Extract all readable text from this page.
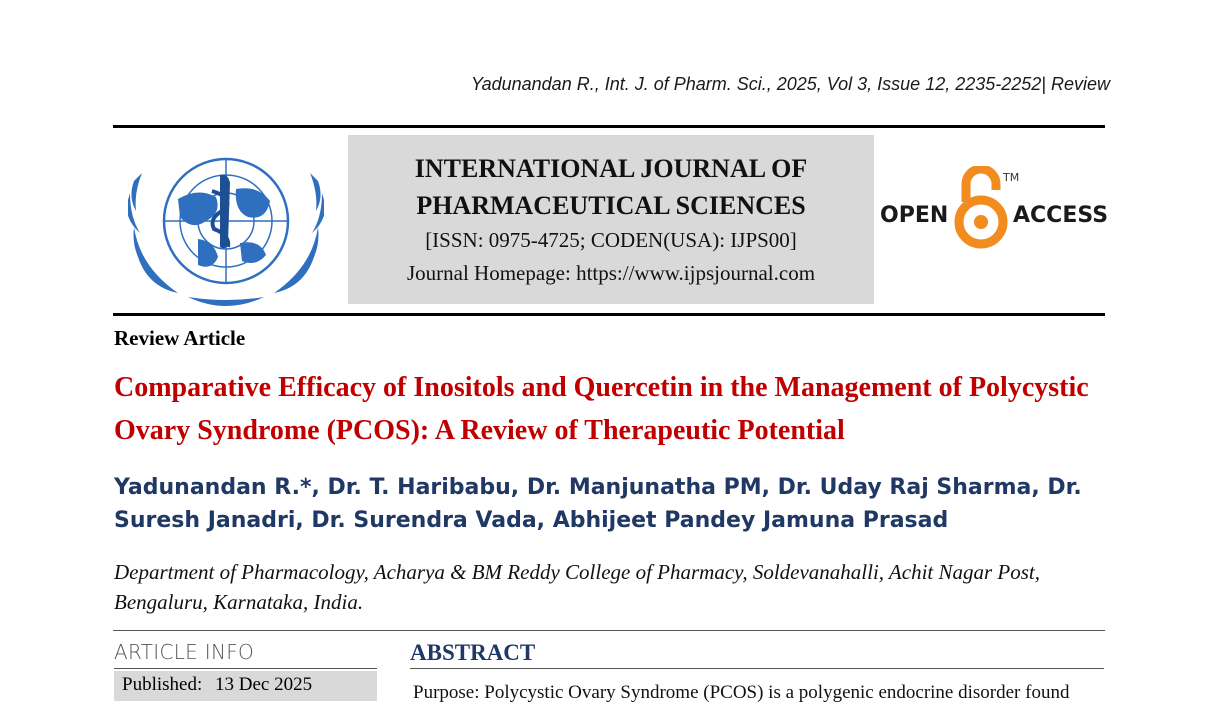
Yadunandan R., Int. J. of Pharm. Sci., 2025, Vol 3, Issue 12, 2235-2252| Review
INTERNATIONAL JOURNAL OF
PHARMACEUTICAL SCIENCES
[ISSN: 0975-4725; CODEN(USA): IJPS00]
Journal Homepage: https://www.ijpsjournal.com
OPEN
TM
ACCESS
Review Article
Comparative Efficacy of Inositols and Quercetin in the Management of Polycystic Ovary Syndrome (PCOS): A Review of Therapeutic Potential
Yadunandan R.*, Dr. T. Haribabu, Dr. Manjunatha PM, Dr. Uday Raj Sharma, Dr. Suresh Janadri, Dr. Surendra Vada, Abhijeet Pandey Jamuna Prasad
Department of Pharmacology, Acharya & BM Reddy College of Pharmacy, Soldevanahalli, Achit Nagar Post, Bengaluru, Karnataka, India.
ARTICLE INFO
Published: 13 Dec 2025
ABSTRACT
Purpose: Polycystic Ovary Syndrome (PCOS) is a polygenic endocrine disorder found
